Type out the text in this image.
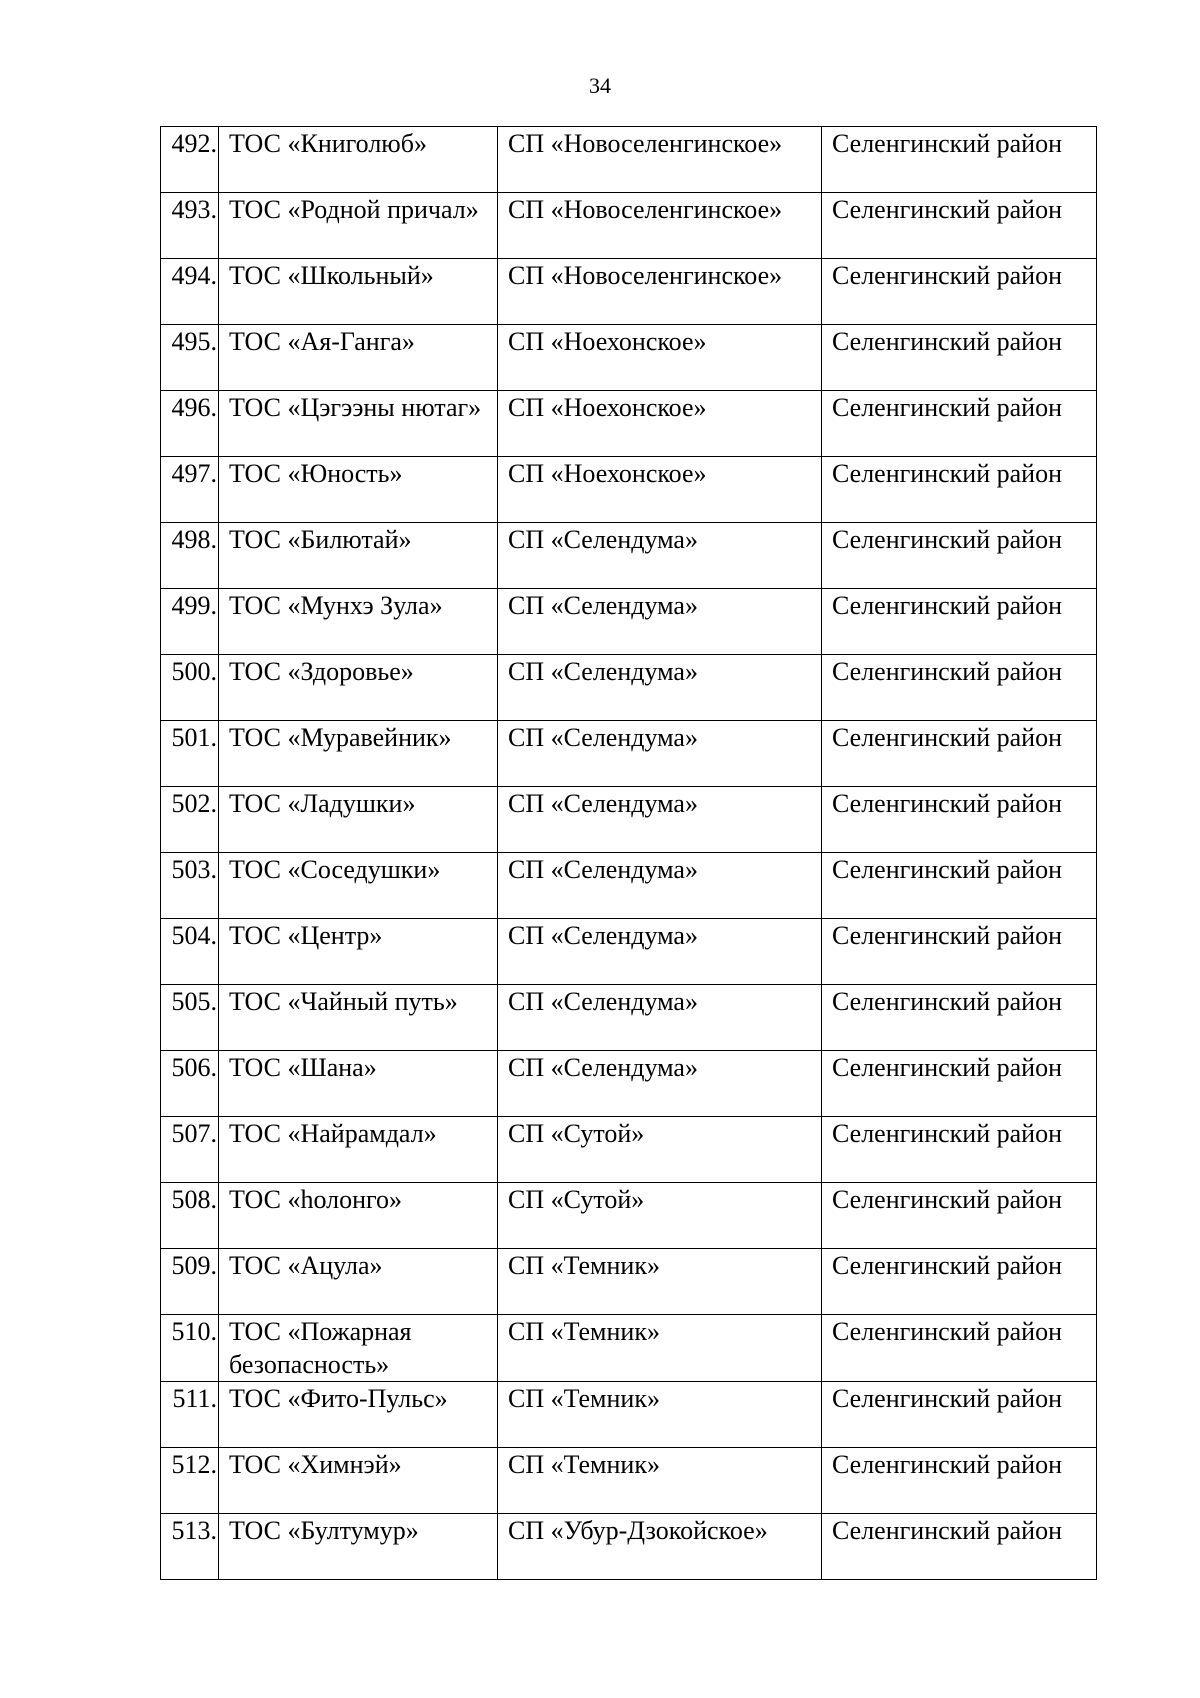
34
492.	ТОС «Книголюб»	СП «Новоселенгинское»	Селенгинский район
493.	ТОС «Родной причал»	СП «Новоселенгинское»	Селенгинский район
494.	ТОС «Школьный»	СП «Новоселенгинское»	Селенгинский район
495.	ТОС «Ая-Ганга»	СП «Ноехонское»	Селенгинский район
496.	ТОС «Цэгээны нютаг»	СП «Ноехонское»	Селенгинский район
497.	ТОС «Юность»	СП «Ноехонское»	Селенгинский район
498.	ТОС «Билютай»	СП «Селендума»	Селенгинский район
499.	ТОС «Мунхэ Зула»	СП «Селендума»	Селенгинский район
500.	ТОС «Здоровье»	СП «Селендума»	Селенгинский район
501.	ТОС «Муравейник»	СП «Селендума»	Селенгинский район
502.	ТОС «Ладушки»	СП «Селендума»	Селенгинский район
503.	ТОС «Соседушки»	СП «Селендума»	Селенгинский район
504.	ТОС «Центр»	СП «Селендума»	Селенгинский район
505.	ТОС «Чайный путь»	СП «Селендума»	Селенгинский район
506.	ТОС «Шана»	СП «Селендума»	Селенгинский район
507.	ТОС «Найрамдал»	СП «Сутой»	Селенгинский район
508.	ТОС «һолонго»	СП «Сутой»	Селенгинский район
509.	ТОС «Ацула»	СП «Темник»	Селенгинский район
510.	ТОС «Пожарная безопасность»	СП «Темник»	Селенгинский район
511.	ТОС «Фито-Пульс»	СП «Темник»	Селенгинский район
512.	ТОС «Химнэй»	СП «Темник»	Селенгинский район
513.	ТОС «Бултумур»	СП «Убур-Дзокойское»	Селенгинский район
